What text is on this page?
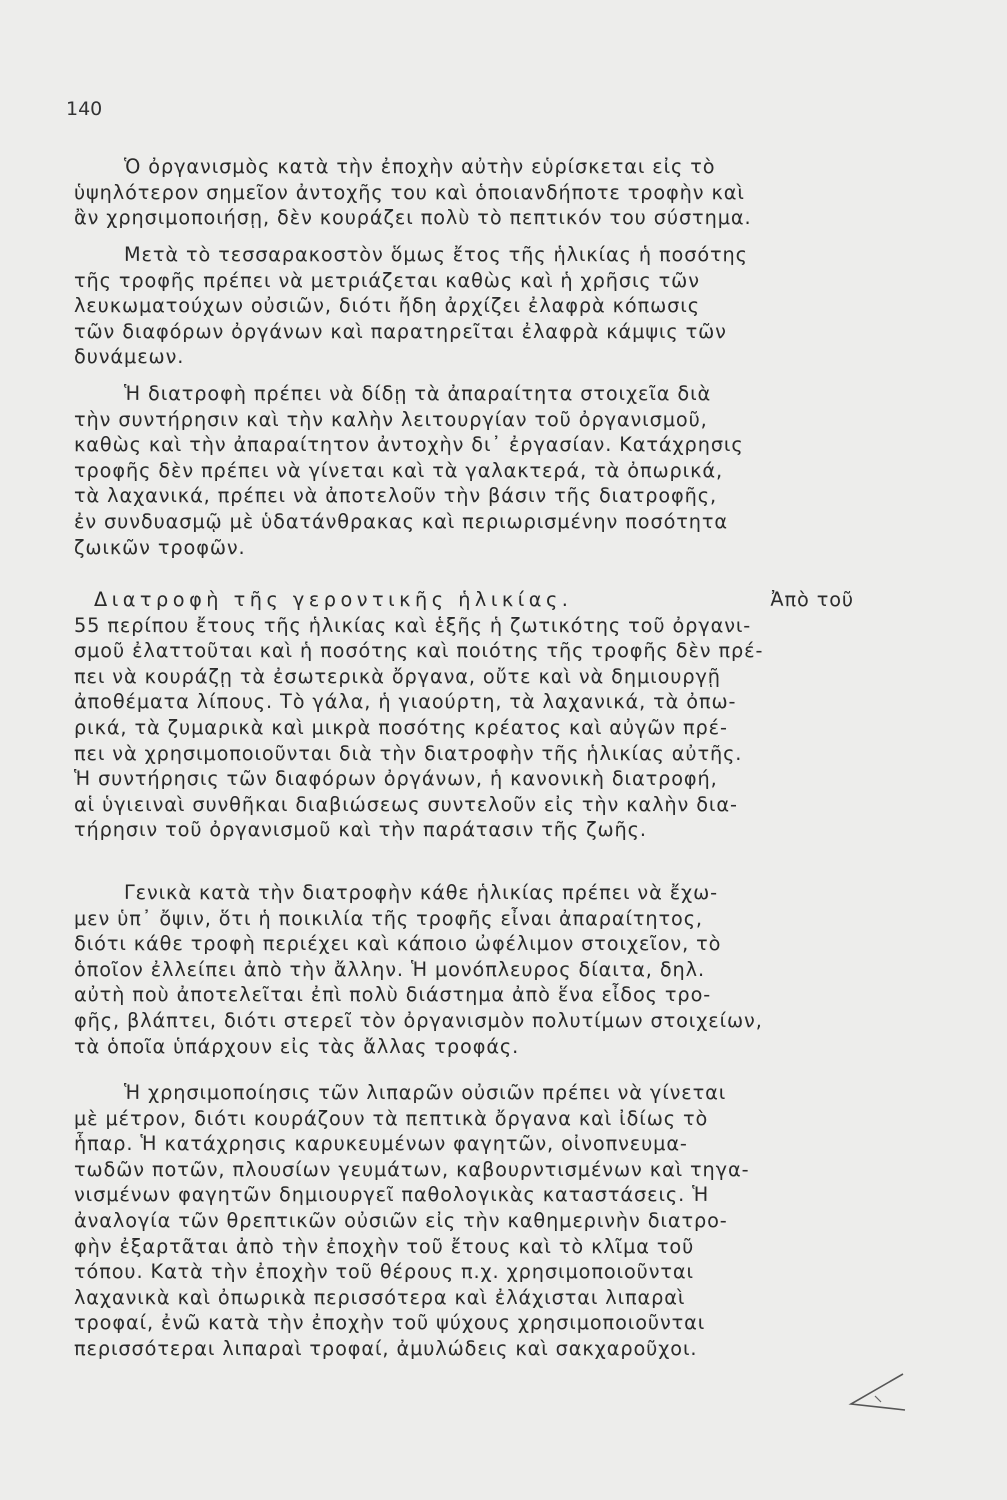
140

Ὁ ὀργανισμὸς κατὰ τὴν ἐποχὴν αὐτὴν εὑρίσκεται εἰς τὸ
ὑψηλότερον σημεῖον ἀντοχῆς του καὶ ὁποιανδήποτε τροφὴν καὶ
ἂν χρησιμοποιήσῃ, δὲν κουράζει πολὺ τὸ πεπτικόν του σύστημα.

Μετὰ τὸ τεσσαρακοστὸν ὅμως ἔτος τῆς ἡλικίας ἡ ποσότης
τῆς τροφῆς πρέπει νὰ μετριάζεται καθὼς καὶ ἡ χρῆσις τῶν
λευκωματούχων οὐσιῶν, διότι ἤδη ἀρχίζει ἐλαφρὰ κόπωσις
τῶν διαφόρων ὀργάνων καὶ παρατηρεῖται ἐλαφρὰ κάμψις τῶν
δυνάμεων.

Ἡ διατροφὴ πρέπει νὰ δίδῃ τὰ ἀπαραίτητα στοιχεῖα διὰ
τὴν συντήρησιν καὶ τὴν καλὴν λειτουργίαν τοῦ ὀργανισμοῦ,
καθὼς καὶ τὴν ἀπαραίτητον ἀντοχὴν δι᾽ ἐργασίαν. Κατάχρησις
τροφῆς δὲν πρέπει νὰ γίνεται καὶ τὰ γαλακτερά, τὰ ὀπωρικά,
τὰ λαχανικά, πρέπει νὰ ἀποτελοῦν τὴν βάσιν τῆς διατροφῆς,
ἐν συνδυασμῷ μὲ ὑδατάνθρακας καὶ περιωρισμένην ποσότητα
ζωικῶν τροφῶν.

Διατροφὴ τῆς γεροντικῆς ἡλικίας.	Ἀπὸ τοῦ
55 περίπου ἔτους τῆς ἡλικίας καὶ ἑξῆς ἡ ζωτικότης τοῦ ὀργανι-
σμοῦ ἐλαττοῦται καὶ ἡ ποσότης καὶ ποιότης τῆς τροφῆς δὲν πρέ-
πει νὰ κουράζῃ τὰ ἐσωτερικὰ ὄργανα, οὔτε καὶ νὰ δημιουργῇ
ἀποθέματα λίπους. Τὸ γάλα, ἡ γιαούρτη, τὰ λαχανικά, τὰ ὀπω-
ρικά, τὰ ζυμαρικὰ καὶ μικρὰ ποσότης κρέατος καὶ αὐγῶν πρέ-
πει νὰ χρησιμοποιοῦνται διὰ τὴν διατροφὴν τῆς ἡλικίας αὐτῆς.
Ἡ συντήρησις τῶν διαφόρων ὀργάνων, ἡ κανονικὴ διατροφή,
αἱ ὑγιειναὶ συνθῆκαι διαβιώσεως συντελοῦν εἰς τὴν καλὴν δια-
τήρησιν τοῦ ὀργανισμοῦ καὶ τὴν παράτασιν τῆς ζωῆς.

Γενικὰ κατὰ τὴν διατροφὴν κάθε ἡλικίας πρέπει νὰ ἔχω-
μεν ὑπ᾽ ὄψιν, ὅτι ἡ ποικιλία τῆς τροφῆς εἶναι ἀπαραίτητος,
διότι κάθε τροφὴ περιέχει καὶ κάποιο ὠφέλιμον στοιχεῖον, τὸ
ὁποῖον ἐλλείπει ἀπὸ τὴν ἄλλην. Ἡ μονόπλευρος δίαιτα, δηλ.
αὐτὴ ποὺ ἀποτελεῖται ἐπὶ πολὺ διάστημα ἀπὸ ἕνα εἶδος τρο-
φῆς, βλάπτει, διότι στερεῖ τὸν ὀργανισμὸν πολυτίμων στοιχείων,
τὰ ὁποῖα ὑπάρχουν εἰς τὰς ἄλλας τροφάς.

Ἡ χρησιμοποίησις τῶν λιπαρῶν οὐσιῶν πρέπει νὰ γίνεται
μὲ μέτρον, διότι κουράζουν τὰ πεπτικὰ ὄργανα καὶ ἰδίως τὸ
ἧπαρ. Ἡ κατάχρησις καρυκευμένων φαγητῶν, οἰνοπνευμα-
τωδῶν ποτῶν, πλουσίων γευμάτων, καβουρντισμένων καὶ τηγα-
νισμένων φαγητῶν δημιουργεῖ παθολογικὰς καταστάσεις. Ἡ
ἀναλογία τῶν θρεπτικῶν οὐσιῶν εἰς τὴν καθημερινὴν διατρο-
φὴν ἐξαρτᾶται ἀπὸ τὴν ἐποχὴν τοῦ ἔτους καὶ τὸ κλῖμα τοῦ
τόπου. Κατὰ τὴν ἐποχὴν τοῦ θέρους π.χ. χρησιμοποιοῦνται
λαχανικὰ καὶ ὀπωρικὰ περισσότερα καὶ ἐλάχισται λιπαραὶ
τροφαί, ἐνῶ κατὰ τὴν ἐποχὴν τοῦ ψύχους χρησιμοποιοῦνται
περισσότεραι λιπαραὶ τροφαί, ἀμυλώδεις καὶ σακχαροῦχοι.
